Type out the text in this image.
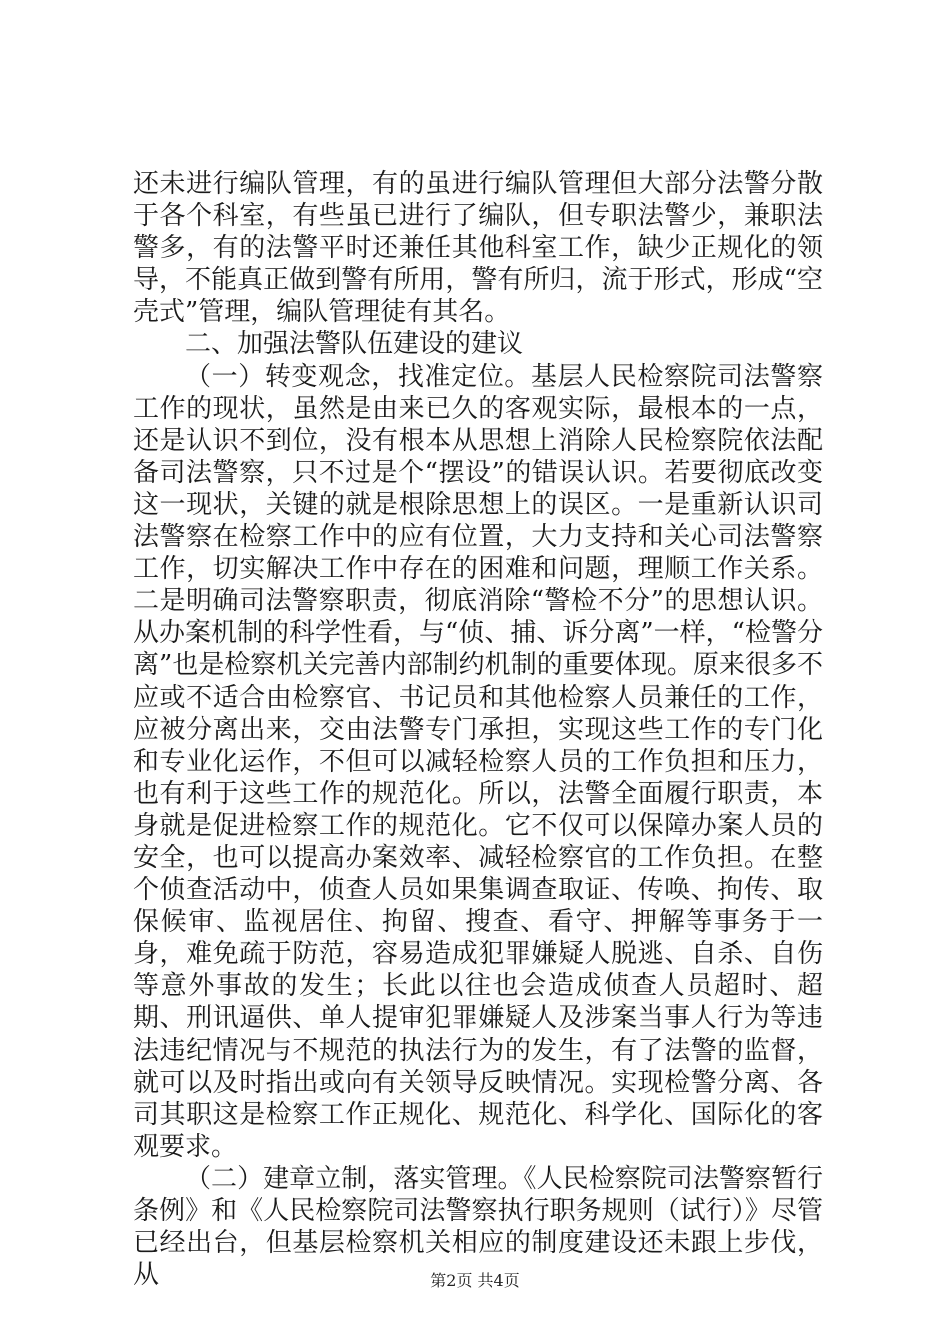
还未进行编队管理，有的虽进行编队管理但大部分法警分散于各个科室，有些虽已进行了编队，但专职法警少，兼职法警多，有的法警平时还兼任其他科室工作，缺少正规化的领导，不能真正做到警有所用，警有所归，流于形式，形成“空壳式”管理，编队管理徒有其名。

二、加强法警队伍建设的建议

（一）转变观念，找准定位。基层人民检察院司法警察工作的现状，虽然是由来已久的客观实际，最根本的一点，还是认识不到位，没有根本从思想上消除人民检察院依法配备司法警察，只不过是个“摆设”的错误认识。若要彻底改变这一现状，关键的就是根除思想上的误区。一是重新认识司法警察在检察工作中的应有位置，大力支持和关心司法警察工作，切实解决工作中存在的困难和问题，理顺工作关系。二是明确司法警察职责，彻底消除“警检不分”的思想认识。从办案机制的科学性看，与“侦、捕、诉分离”一样，“检警分离”也是检察机关完善内部制约机制的重要体现。原来很多不应或不适合由检察官、书记员和其他检察人员兼任的工作，应被分离出来，交由法警专门承担，实现这些工作的专门化和专业化运作，不但可以减轻检察人员的工作负担和压力，也有利于这些工作的规范化。所以，法警全面履行职责，本身就是促进检察工作的规范化。它不仅可以保障办案人员的安全，也可以提高办案效率、减轻检察官的工作负担。在整个侦查活动中，侦查人员如果集调查取证、传唤、拘传、取保候审、监视居住、拘留、搜查、看守、押解等事务于一身，难免疏于防范，容易造成犯罪嫌疑人脱逃、自杀、自伤等意外事故的发生；长此以往也会造成侦查人员超时、超期、刑讯逼供、单人提审犯罪嫌疑人及涉案当事人行为等违法违纪情况与不规范的执法行为的发生，有了法警的监督，就可以及时指出或向有关领导反映情况。实现检警分离、各司其职这是检察工作正规化、规范化、科学化、国际化的客观要求。

（二）建章立制，落实管理。《人民检察院司法警察暂行条例》和《人民检察院司法警察执行职务规则（试行）》尽管已经出台，但基层检察机关相应的制度建设还未跟上步伐，从	第2页 共4页
